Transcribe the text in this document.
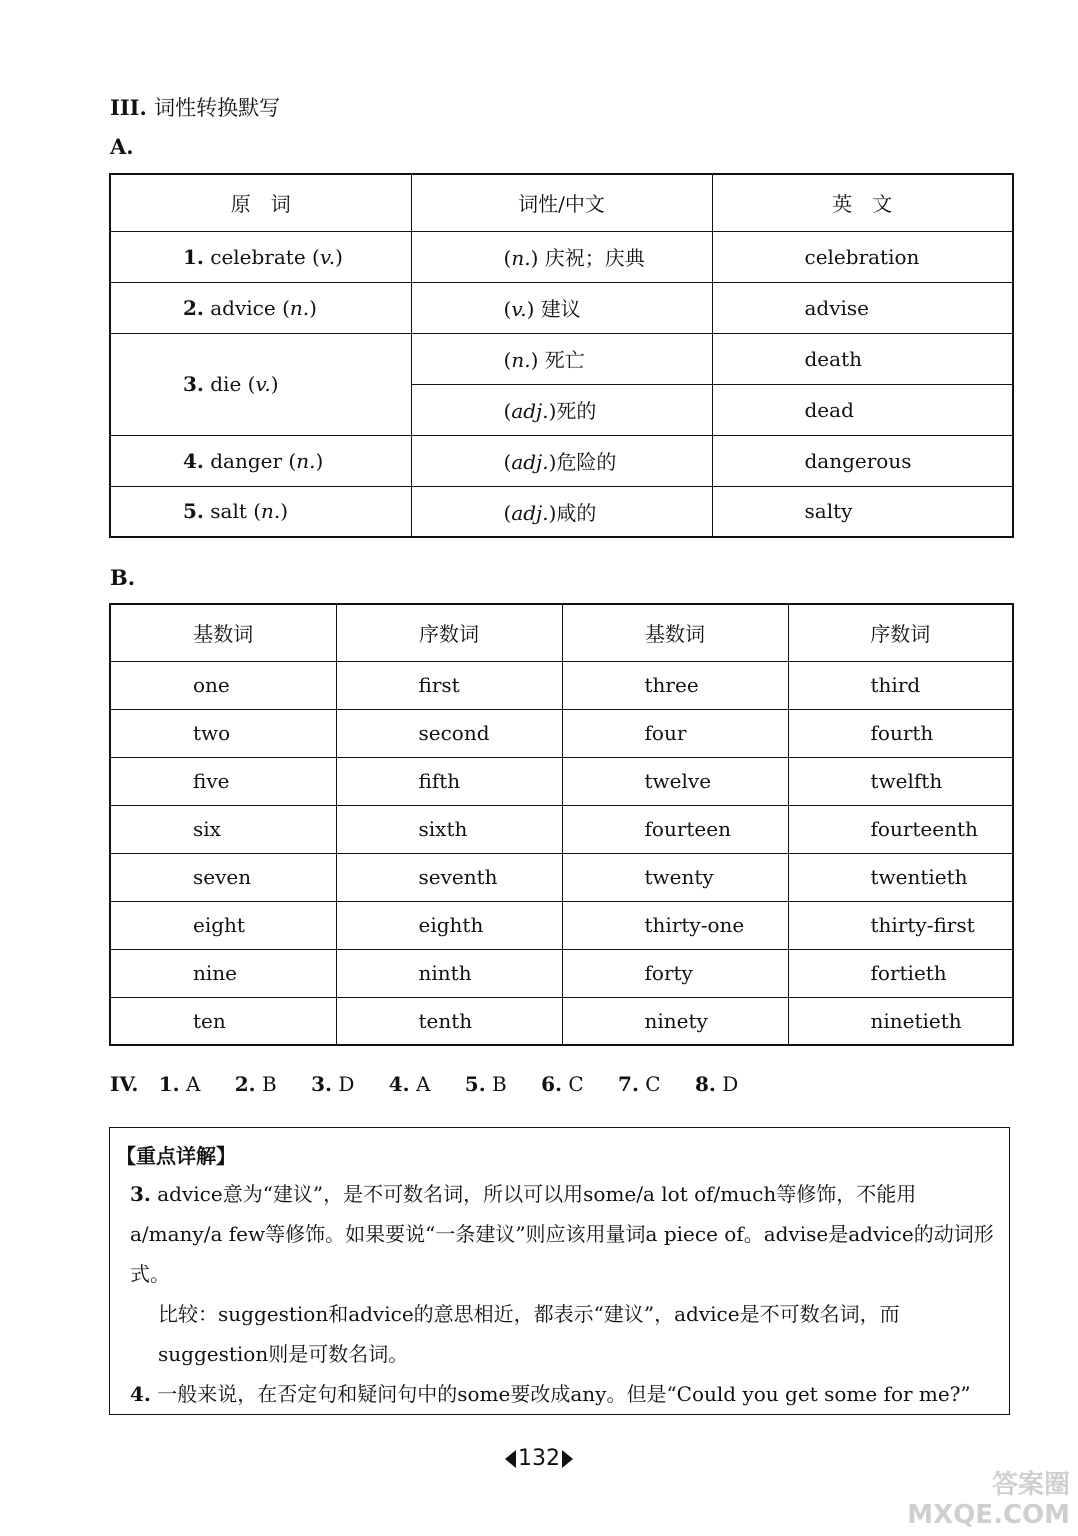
III. 词性转换默写
A.
原　词	词性/中文	英　文
1. celebrate (v.)	(n.) 庆祝；庆典	celebration
2. advice (n.)	(v.) 建议	advise
3. die (v.)	(n.) 死亡	death
	(adj.)死的	dead
4. danger (n.)	(adj.)危险的	dangerous
5. salt (n.)	(adj.)咸的	salty
B.
基数词	序数词	基数词	序数词
one	first	three	third
two	second	four	fourth
five	fifth	twelve	twelfth
six	sixth	fourteen	fourteenth
seven	seventh	twenty	twentieth
eight	eighth	thirty-one	thirty-first
nine	ninth	forty	fortieth
ten	tenth	ninety	ninetieth
IV. 1. A 2. B 3. D 4. A 5. B 6. C 7. C 8. D
【重点详解】
3. advice意为“建议”，是不可数名词，所以可以用some/a lot of/much等修饰，不能用a/many/a few等修饰。如果要说“一条建议”则应该用量词a piece of。advise是advice的动词形式。
比较：suggestion和advice的意思相近，都表示“建议”，advice是不可数名词，而suggestion则是可数名词。
4. 一般来说，在否定句和疑问句中的some要改成any。但是“Could you get some for me?”
132
答案圈 MXQE.COM
